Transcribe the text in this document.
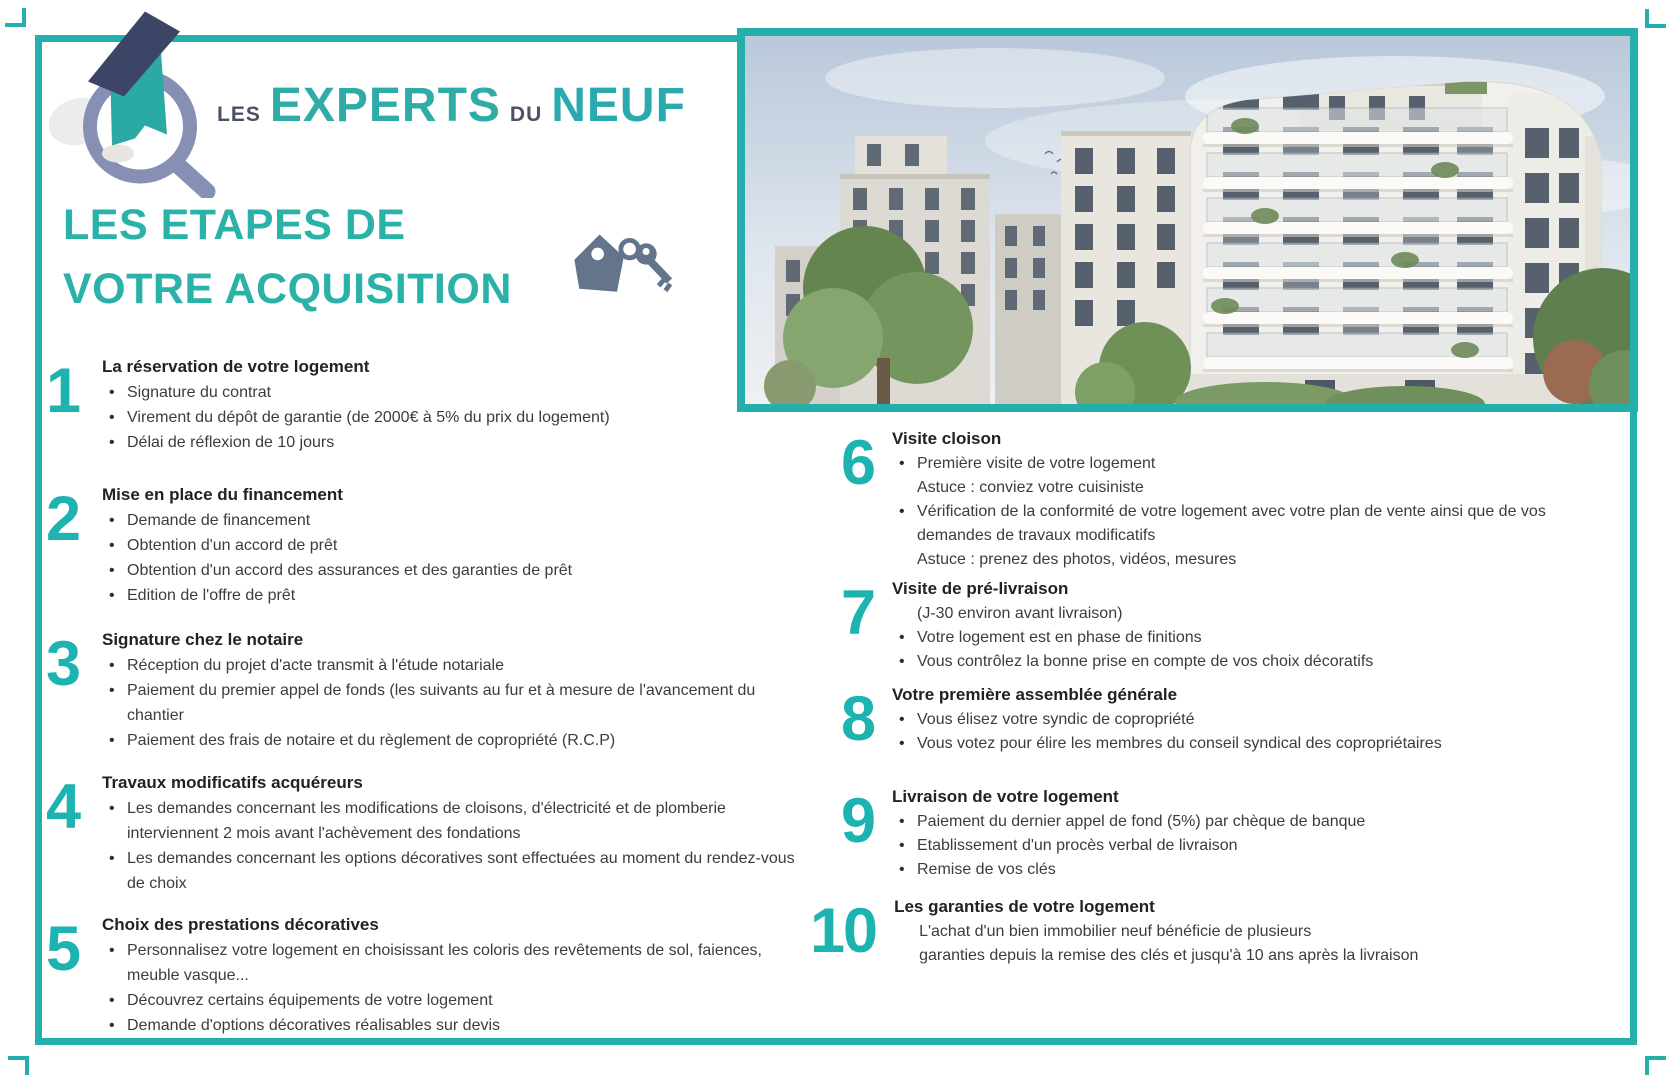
LES EXPERTS DU NEUF
LES ETAPES DE
VOTRE ACQUISITION
1	La réservation de votre logement
• Signature du contrat
• Virement du dépôt de garantie (de 2000€ à 5% du prix du logement)
• Délai de réflexion de 10 jours
2	Mise en place du financement
• Demande de financement
• Obtention d'un accord de prêt
• Obtention d'un accord des assurances et des garanties de prêt
• Edition de l'offre de prêt
3	Signature chez le notaire
• Réception du projet d'acte transmit à l'étude notariale
• Paiement du premier appel de fonds (les suivants au fur et à mesure de l'avancement du chantier
• Paiement des frais de notaire et du règlement de copropriété (R.C.P)
4	Travaux modificatifs acquéreurs
• Les demandes concernant les modifications de cloisons, d'électricité et de plomberie interviennent 2 mois avant l'achèvement des fondations
• Les demandes concernant les options décoratives sont effectuées au moment du rendez-vous de choix
5	Choix des prestations décoratives
• Personnalisez votre logement en choisissant les coloris des revêtements de sol, faiences, meuble vasque...
• Découvrez certains équipements de votre logement
• Demande d'options décoratives réalisables sur devis
6	Visite cloison
• Première visite de votre logement
Astuce : conviez votre cuisiniste
• Vérification de la conformité de votre logement avec votre plan de vente ainsi que de vos demandes de travaux modificatifs
Astuce : prenez des photos, vidéos, mesures
7	Visite de pré-livraison
(J-30 environ avant livraison)
• Votre logement est en phase de finitions
• Vous contrôlez la bonne prise en compte de vos choix décoratifs
8	Votre première assemblée générale
• Vous élisez votre syndic de copropriété
• Vous votez pour élire les membres du conseil syndical des copropriétaires
9	Livraison de votre logement
• Paiement du dernier appel de fond (5%) par chèque de banque
• Etablissement d'un procès verbal de livraison
• Remise de vos clés
10	Les garanties de votre logement
L'achat d'un bien immobilier neuf bénéficie de plusieurs
garanties depuis la remise des clés et jusqu'à 10 ans après la livraison
